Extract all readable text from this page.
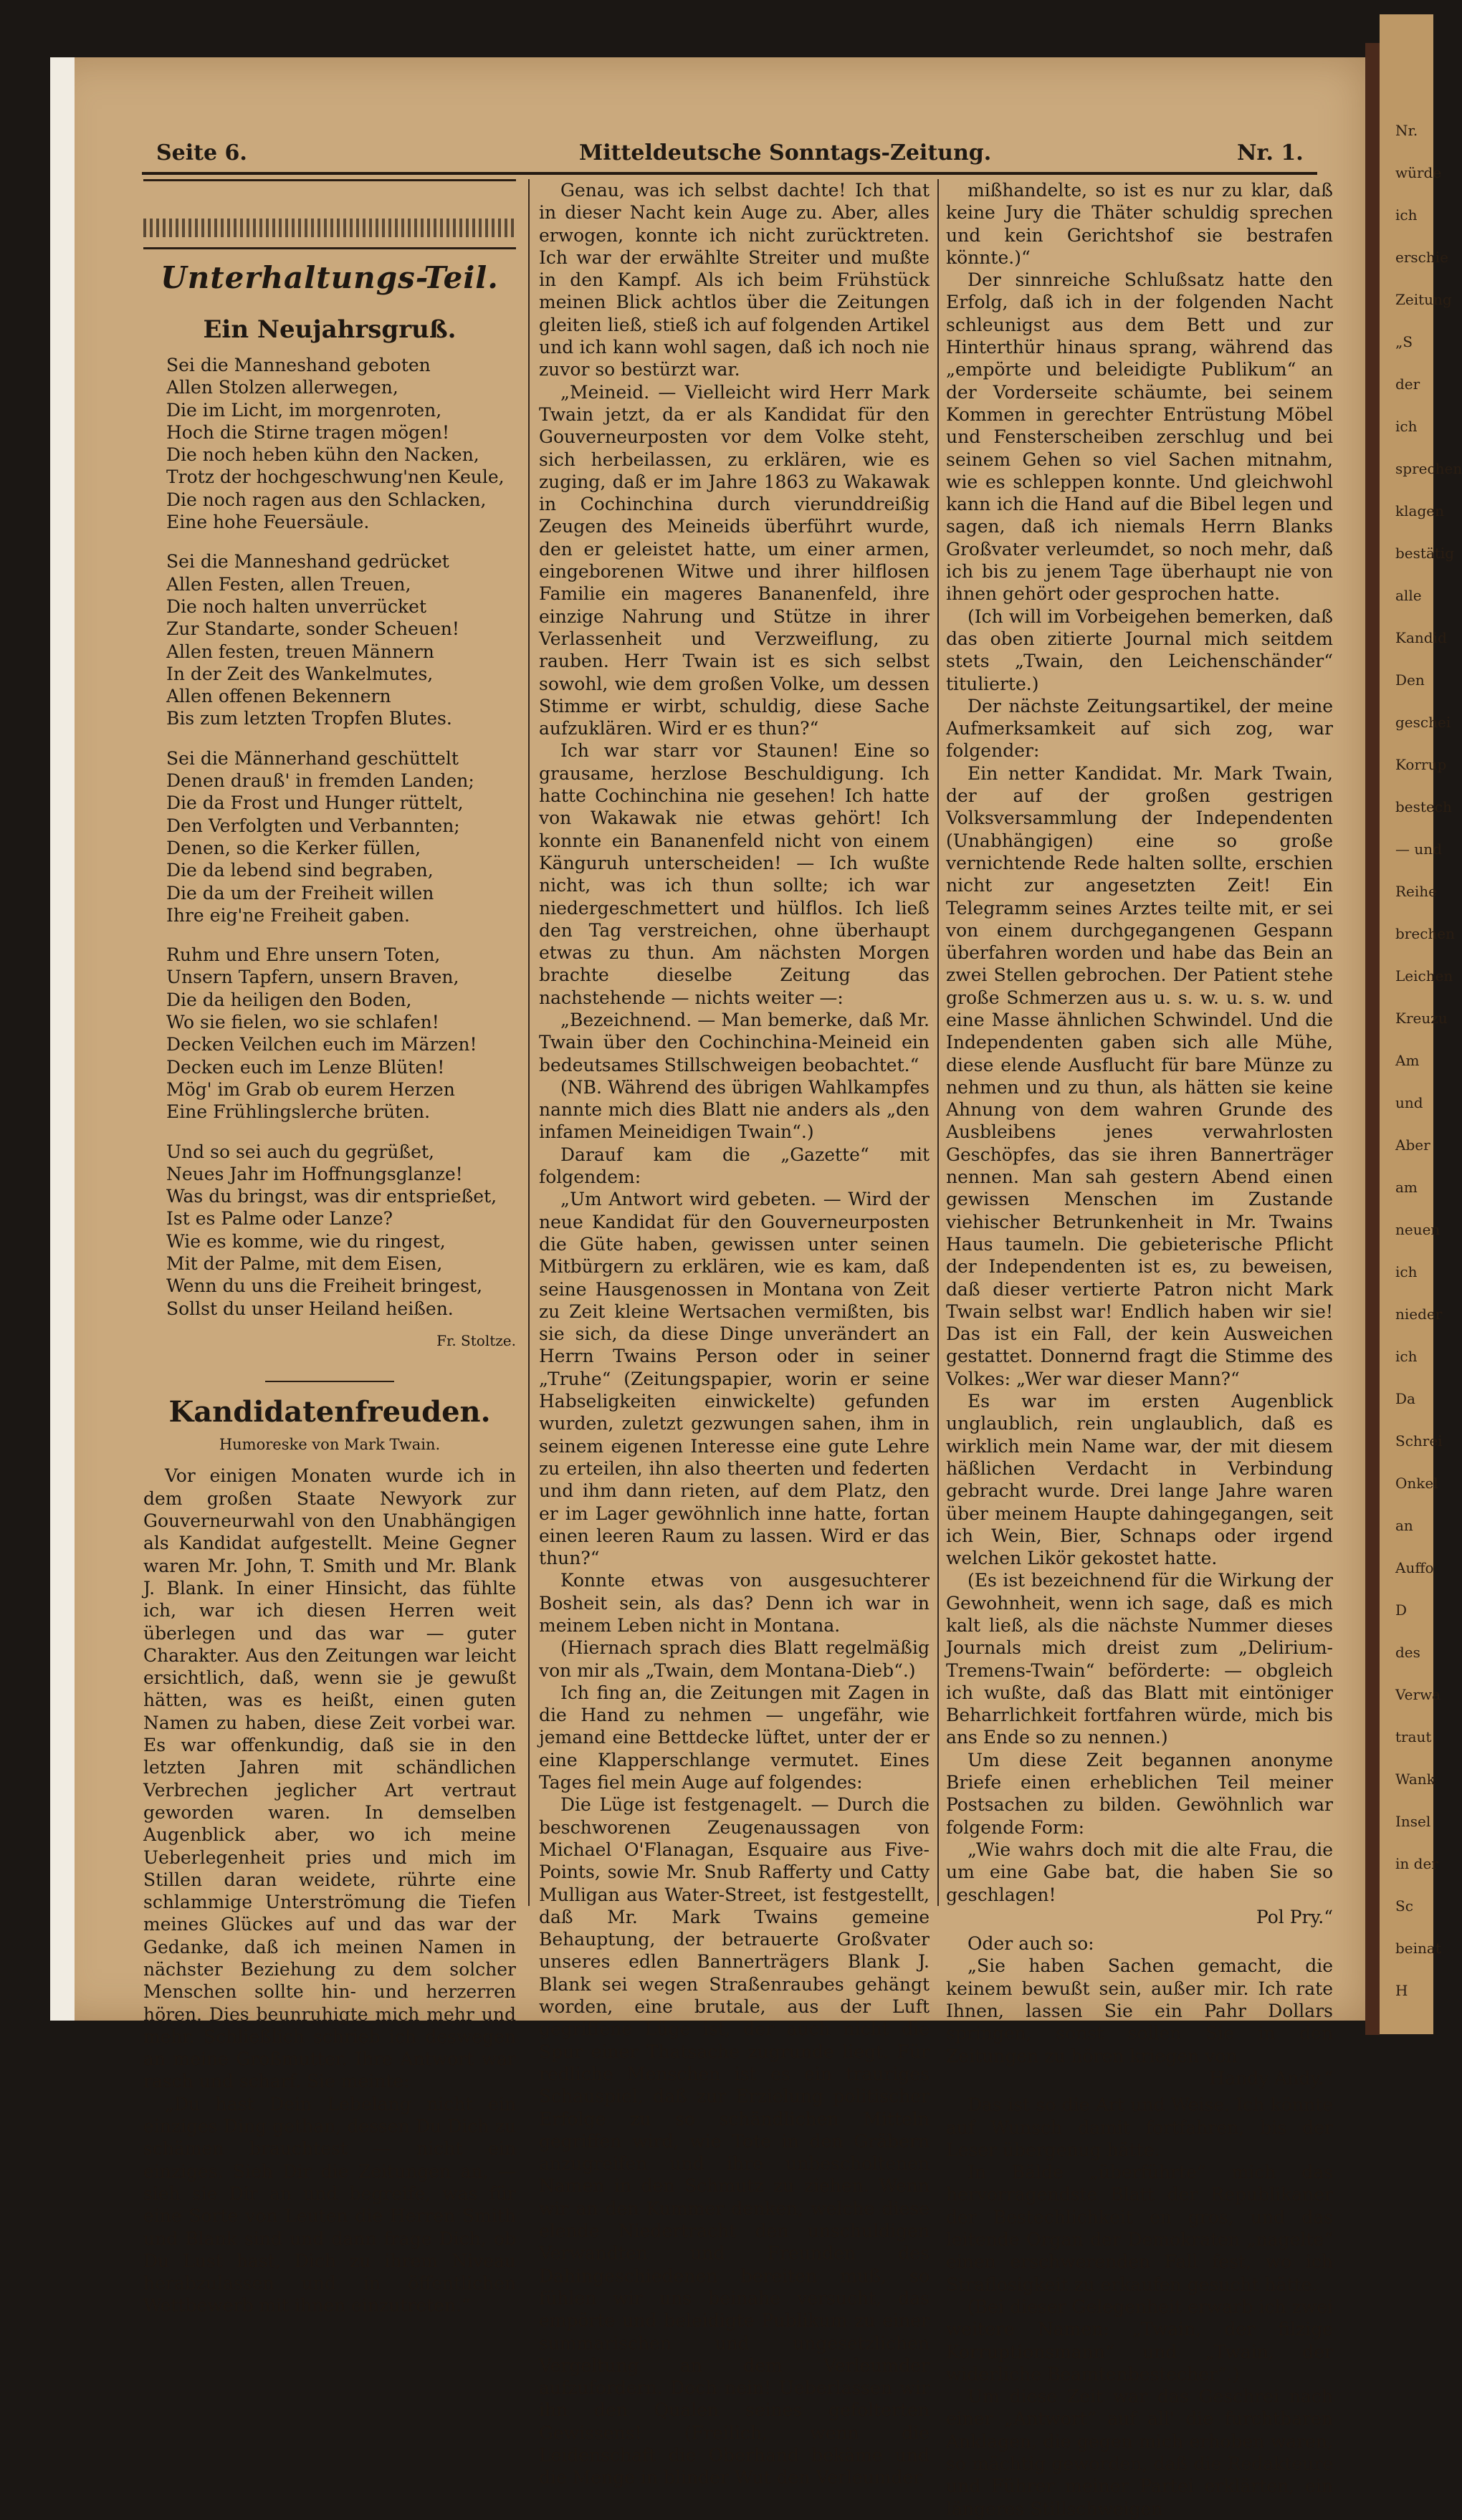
Nr.
würde
ich
erschie
Zeitung
„S
der
ich
sprechen
klagen
bestätig
alle
Kandid
Den
geschei
Korrup
bestech
— und
Reihe
brechen
Leichen
Kreuzu
Am
und
Aber
am
neuen
ich
nieder
ich
Da
Schrei
Onkel
an
Auffo
D
des
Verwa
traut
Wank
Insel
in der
Sc
beinat
H
Seite 6.	Mitteldeutsche Sonntags-Zeitung.	Nr. 1.
Unterhaltungs-Teil.
Ein Neujahrsgruß.
Sei die Manneshand geboten
Allen Stolzen allerwegen,
Die im Licht, im morgenroten,
Hoch die Stirne tragen mögen!
Die noch heben kühn den Nacken,
Trotz der hochgeschwung'nen Keule,
Die noch ragen aus den Schlacken,
Eine hohe Feuersäule.
Sei die Manneshand gedrücket
Allen Festen, allen Treuen,
Die noch halten unverrücket
Zur Standarte, sonder Scheuen!
Allen festen, treuen Männern
In der Zeit des Wankelmutes,
Allen offenen Bekennern
Bis zum letzten Tropfen Blutes.
Sei die Männerhand geschüttelt
Denen drauß' in fremden Landen;
Die da Frost und Hunger rüttelt,
Den Verfolgten und Verbannten;
Denen, so die Kerker füllen,
Die da lebend sind begraben,
Die da um der Freiheit willen
Ihre eig'ne Freiheit gaben.
Ruhm und Ehre unsern Toten,
Unsern Tapfern, unsern Braven,
Die da heiligen den Boden,
Wo sie fielen, wo sie schlafen!
Decken Veilchen euch im Märzen!
Decken euch im Lenze Blüten!
Mög' im Grab ob eurem Herzen
Eine Frühlingslerche brüten.
Und so sei auch du gegrüßet,
Neues Jahr im Hoffnungsglanze!
Was du bringst, was dir entsprießet,
Ist es Palme oder Lanze?
Wie es komme, wie du ringest,
Mit der Palme, mit dem Eisen,
Wenn du uns die Freiheit bringest,
Sollst du unser Heiland heißen.
Fr. Stoltze.
Kandidatenfreuden.
Humoreske von Mark Twain.

Vor einigen Monaten wurde ich in dem großen Staate Newyork zur Gouverneurwahl von den Unabhängigen als Kandidat aufgestellt. Meine Gegner waren Mr. John, T. Smith und Mr. Blank J. Blank. In einer Hinsicht, das fühlte ich, war ich diesen Herren weit überlegen und das war — guter Charakter. Aus den Zeitungen war leicht ersichtlich, daß, wenn sie je gewußt hätten, was es heißt, einen guten Namen zu haben, diese Zeit vorbei war. Es war offenkundig, daß sie in den letzten Jahren mit schändlichen Verbrechen jeglicher Art vertraut geworden waren. In demselben Augenblick aber, wo ich meine Ueberlegenheit pries und mich im Stillen daran weidete, rührte eine schlammige Unterströmung die Tiefen meines Glückes auf und das war der Gedanke, daß ich meinen Namen in nächster Beziehung zu dem solcher Menschen sollte hin- und herzerren hören. Dies beunruhigte mich mehr und mehr. Schließlich schrieb ich deswegen an meine Großmutter. Ihre Antwort war rasch und scharf. Sie meinte:

„Du hast Dein Lebelang nicht ein einziges Ding gethan, dessen Du Dich zu schämen brauchtest — nicht ein einziges. Sieh Dir die Zeitungen an, — sieh sie Dir an und begreife, was für eine Sorte von Leuten die Herren Smith und Blank sind und dann frage Dich, ob Du Lust hast, Dich zu ihrem Niveau herabzulassen und in öffentlichen Wettbewerb mit ihnen einzutreten.“

Genau, was ich selbst dachte! Ich that in dieser Nacht kein Auge zu. Aber, alles erwogen, konnte ich nicht zurücktreten. Ich war der erwählte Streiter und mußte in den Kampf. Als ich beim Frühstück meinen Blick achtlos über die Zeitungen gleiten ließ, stieß ich auf folgenden Artikel und ich kann wohl sagen, daß ich noch nie zuvor so bestürzt war.

„Meineid. — Vielleicht wird Herr Mark Twain jetzt, da er als Kandidat für den Gouverneurposten vor dem Volke steht, sich herbeilassen, zu erklären, wie es zuging, daß er im Jahre 1863 zu Wakawak in Cochinchina durch vierunddreißig Zeugen des Meineids überführt wurde, den er geleistet hatte, um einer armen, eingeborenen Witwe und ihrer hilflosen Familie ein mageres Bananenfeld, ihre einzige Nahrung und Stütze in ihrer Verlassenheit und Verzweiflung, zu rauben. Herr Twain ist es sich selbst sowohl, wie dem großen Volke, um dessen Stimme er wirbt, schuldig, diese Sache aufzuklären. Wird er es thun?“

Ich war starr vor Staunen! Eine so grausame, herzlose Beschuldigung. Ich hatte Cochinchina nie gesehen! Ich hatte von Wakawak nie etwas gehört! Ich konnte ein Bananenfeld nicht von einem Känguruh unterscheiden! — Ich wußte nicht, was ich thun sollte; ich war niedergeschmettert und hülflos. Ich ließ den Tag verstreichen, ohne überhaupt etwas zu thun. Am nächsten Morgen brachte dieselbe Zeitung das nachstehende — nichts weiter —:

„Bezeichnend. — Man bemerke, daß Mr. Twain über den Cochinchina-Meineid ein bedeutsames Stillschweigen beobachtet.“

(NB. Während des übrigen Wahlkampfes nannte mich dies Blatt nie anders als „den infamen Meineidigen Twain“.)

Darauf kam die „Gazette“ mit folgendem:

„Um Antwort wird gebeten. — Wird der neue Kandidat für den Gouverneurposten die Güte haben, gewissen unter seinen Mitbürgern zu erklären, wie es kam, daß seine Hausgenossen in Montana von Zeit zu Zeit kleine Wertsachen vermißten, bis sie sich, da diese Dinge unverändert an Herrn Twains Person oder in seiner „Truhe“ (Zeitungspapier, worin er seine Habseligkeiten einwickelte) gefunden wurden, zuletzt gezwungen sahen, ihm in seinem eigenen Interesse eine gute Lehre zu erteilen, ihn also theerten und federten und ihm dann rieten, auf dem Platz, den er im Lager gewöhnlich inne hatte, fortan einen leeren Raum zu lassen. Wird er das thun?“

Konnte etwas von ausgesuchterer Bosheit sein, als das? Denn ich war in meinem Leben nicht in Montana.

(Hiernach sprach dies Blatt regelmäßig von mir als „Twain, dem Montana-Dieb“.)

Ich fing an, die Zeitungen mit Zagen in die Hand zu nehmen — ungefähr, wie jemand eine Bettdecke lüftet, unter der er eine Klapperschlange vermutet. Eines Tages fiel mein Auge auf folgendes:

Die Lüge ist festgenagelt. — Durch die beschworenen Zeugenaussagen von Michael O'Flanagan, Esquaire aus Five-Points, sowie Mr. Snub Rafferty und Catty Mulligan aus Water-Street, ist festgestellt, daß Mr. Mark Twains gemeine Behauptung, der betrauerte Großvater unseres edlen Bannerträgers Blank J. Blank sei wegen Straßenraubes gehängt worden, eine brutale, aus der Luft gegriffene Lüge ist, der auch nicht die Spur einer Thatsache zugrunde liegt. Für redliche Menschen ist es ein trauriges Schauspiel, daß zur Erzielung politischer Erfolge zu so schändlichen Mitteln gegriffen wird, wie Tote in den Gräbern anzugreifen und ihre unbescholtenen Namen in den Schmutz zu ziehen. Wenn wir an den Kummer denken, welche diese elende Niedertracht den unschuldigen Verwandten und Freunden des Dahingeschiedenen bereiten muß, so fühlen wir uns beinahe versucht, das empörte und beleidigte Publikum zu einer summarischen und ungesetzlichen Vergeltung an dem Verleumder aufzufordern. Doch nein! Ueberlassen wir ihn den Qualen seines gefolterten Gewissens! (Freilich, wenn die Leidenschaft die Oberhand bekäme und die Menge in blinder Wut den Verleumder

mißhandelte, so ist es nur zu klar, daß keine Jury die Thäter schuldig sprechen und kein Gerichtshof sie bestrafen könnte.)“

Der sinnreiche Schlußsatz hatte den Erfolg, daß ich in der folgenden Nacht schleunigst aus dem Bett und zur Hinterthür hinaus sprang, während das „empörte und beleidigte Publikum“ an der Vorderseite schäumte, bei seinem Kommen in gerechter Entrüstung Möbel und Fensterscheiben zerschlug und bei seinem Gehen so viel Sachen mitnahm, wie es schleppen konnte. Und gleichwohl kann ich die Hand auf die Bibel legen und sagen, daß ich niemals Herrn Blanks Großvater verleumdet, so noch mehr, daß ich bis zu jenem Tage überhaupt nie von ihnen gehört oder gesprochen hatte.

(Ich will im Vorbeigehen bemerken, daß das oben zitierte Journal mich seitdem stets „Twain, den Leichenschänder“ titulierte.)

Der nächste Zeitungsartikel, der meine Aufmerksamkeit auf sich zog, war folgender:

Ein netter Kandidat. Mr. Mark Twain, der auf der großen gestrigen Volksversammlung der Independenten (Unabhängigen) eine so große vernichtende Rede halten sollte, erschien nicht zur angesetzten Zeit! Ein Telegramm seines Arztes teilte mit, er sei von einem durchgegangenen Gespann überfahren worden und habe das Bein an zwei Stellen gebrochen. Der Patient stehe große Schmerzen aus u. s. w. u. s. w. und eine Masse ähnlichen Schwindel. Und die Independenten gaben sich alle Mühe, diese elende Ausflucht für bare Münze zu nehmen und zu thun, als hätten sie keine Ahnung von dem wahren Grunde des Ausbleibens jenes verwahrlosten Geschöpfes, das sie ihren Bannerträger nennen. Man sah gestern Abend einen gewissen Menschen im Zustande viehischer Betrunkenheit in Mr. Twains Haus taumeln. Die gebieterische Pflicht der Independenten ist es, zu beweisen, daß dieser vertierte Patron nicht Mark Twain selbst war! Endlich haben wir sie! Das ist ein Fall, der kein Ausweichen gestattet. Donnernd fragt die Stimme des Volkes: „Wer war dieser Mann?“

Es war im ersten Augenblick unglaublich, rein unglaublich, daß es wirklich mein Name war, der mit diesem häßlichen Verdacht in Verbindung gebracht wurde. Drei lange Jahre waren über meinem Haupte dahingegangen, seit ich Wein, Bier, Schnaps oder irgend welchen Likör gekostet hatte.

(Es ist bezeichnend für die Wirkung der Gewohnheit, wenn ich sage, daß es mich kalt ließ, als die nächste Nummer dieses Journals mich dreist zum „Delirium-Tremens-Twain“ beförderte: — obgleich ich wußte, daß das Blatt mit eintöniger Beharrlichkeit fortfahren würde, mich bis ans Ende so zu nennen.)

Um diese Zeit begannen anonyme Briefe einen erheblichen Teil meiner Postsachen zu bilden. Gewöhnlich war folgende Form:

„Wie wahrs doch mit die alte Frau, die um eine Gabe bat, die haben Sie so geschlagen!

Pol Pry.“

Oder auch so:

„Sie haben Sachen gemacht, die keinem bewußt sein, außer mir. Ich rate Ihnen, lassen Sie ein Pahr Dollars springen, sonst sollen Sie in den Zeitungen zu hören kriegen von

Handy Andy.“

Das ist so die Art und Weise. Ich könnte auf Wunsch damit fortfahren, bis der Leser übergenug hätte.

In Bälde „überführte“ mich das hervorragendste Blatt der Republikaner der Bestechlichkeit en gros, und das leitende Organ der Demokraten „nagelte“ einen erschwerenden Fall fest, wo ich Straflosigkeit zu erkaufen gesucht hätte.

(Bei dieser Gelegenheit erwarb ich zwei weitere Namen: „Twain, der filzige Korruptionsmann“ und „Twain, der widerliche Beamtenbestecher“.)

Um diese Zeit war das Geschrei nach einer „Antwort“ auf all' die furchtbaren Anklagen, die gegen mich erhoben waren, so mächtig geworden, daß die Redakteure und Führer meiner Partei erklärten, ein längeres Stillschweigen
